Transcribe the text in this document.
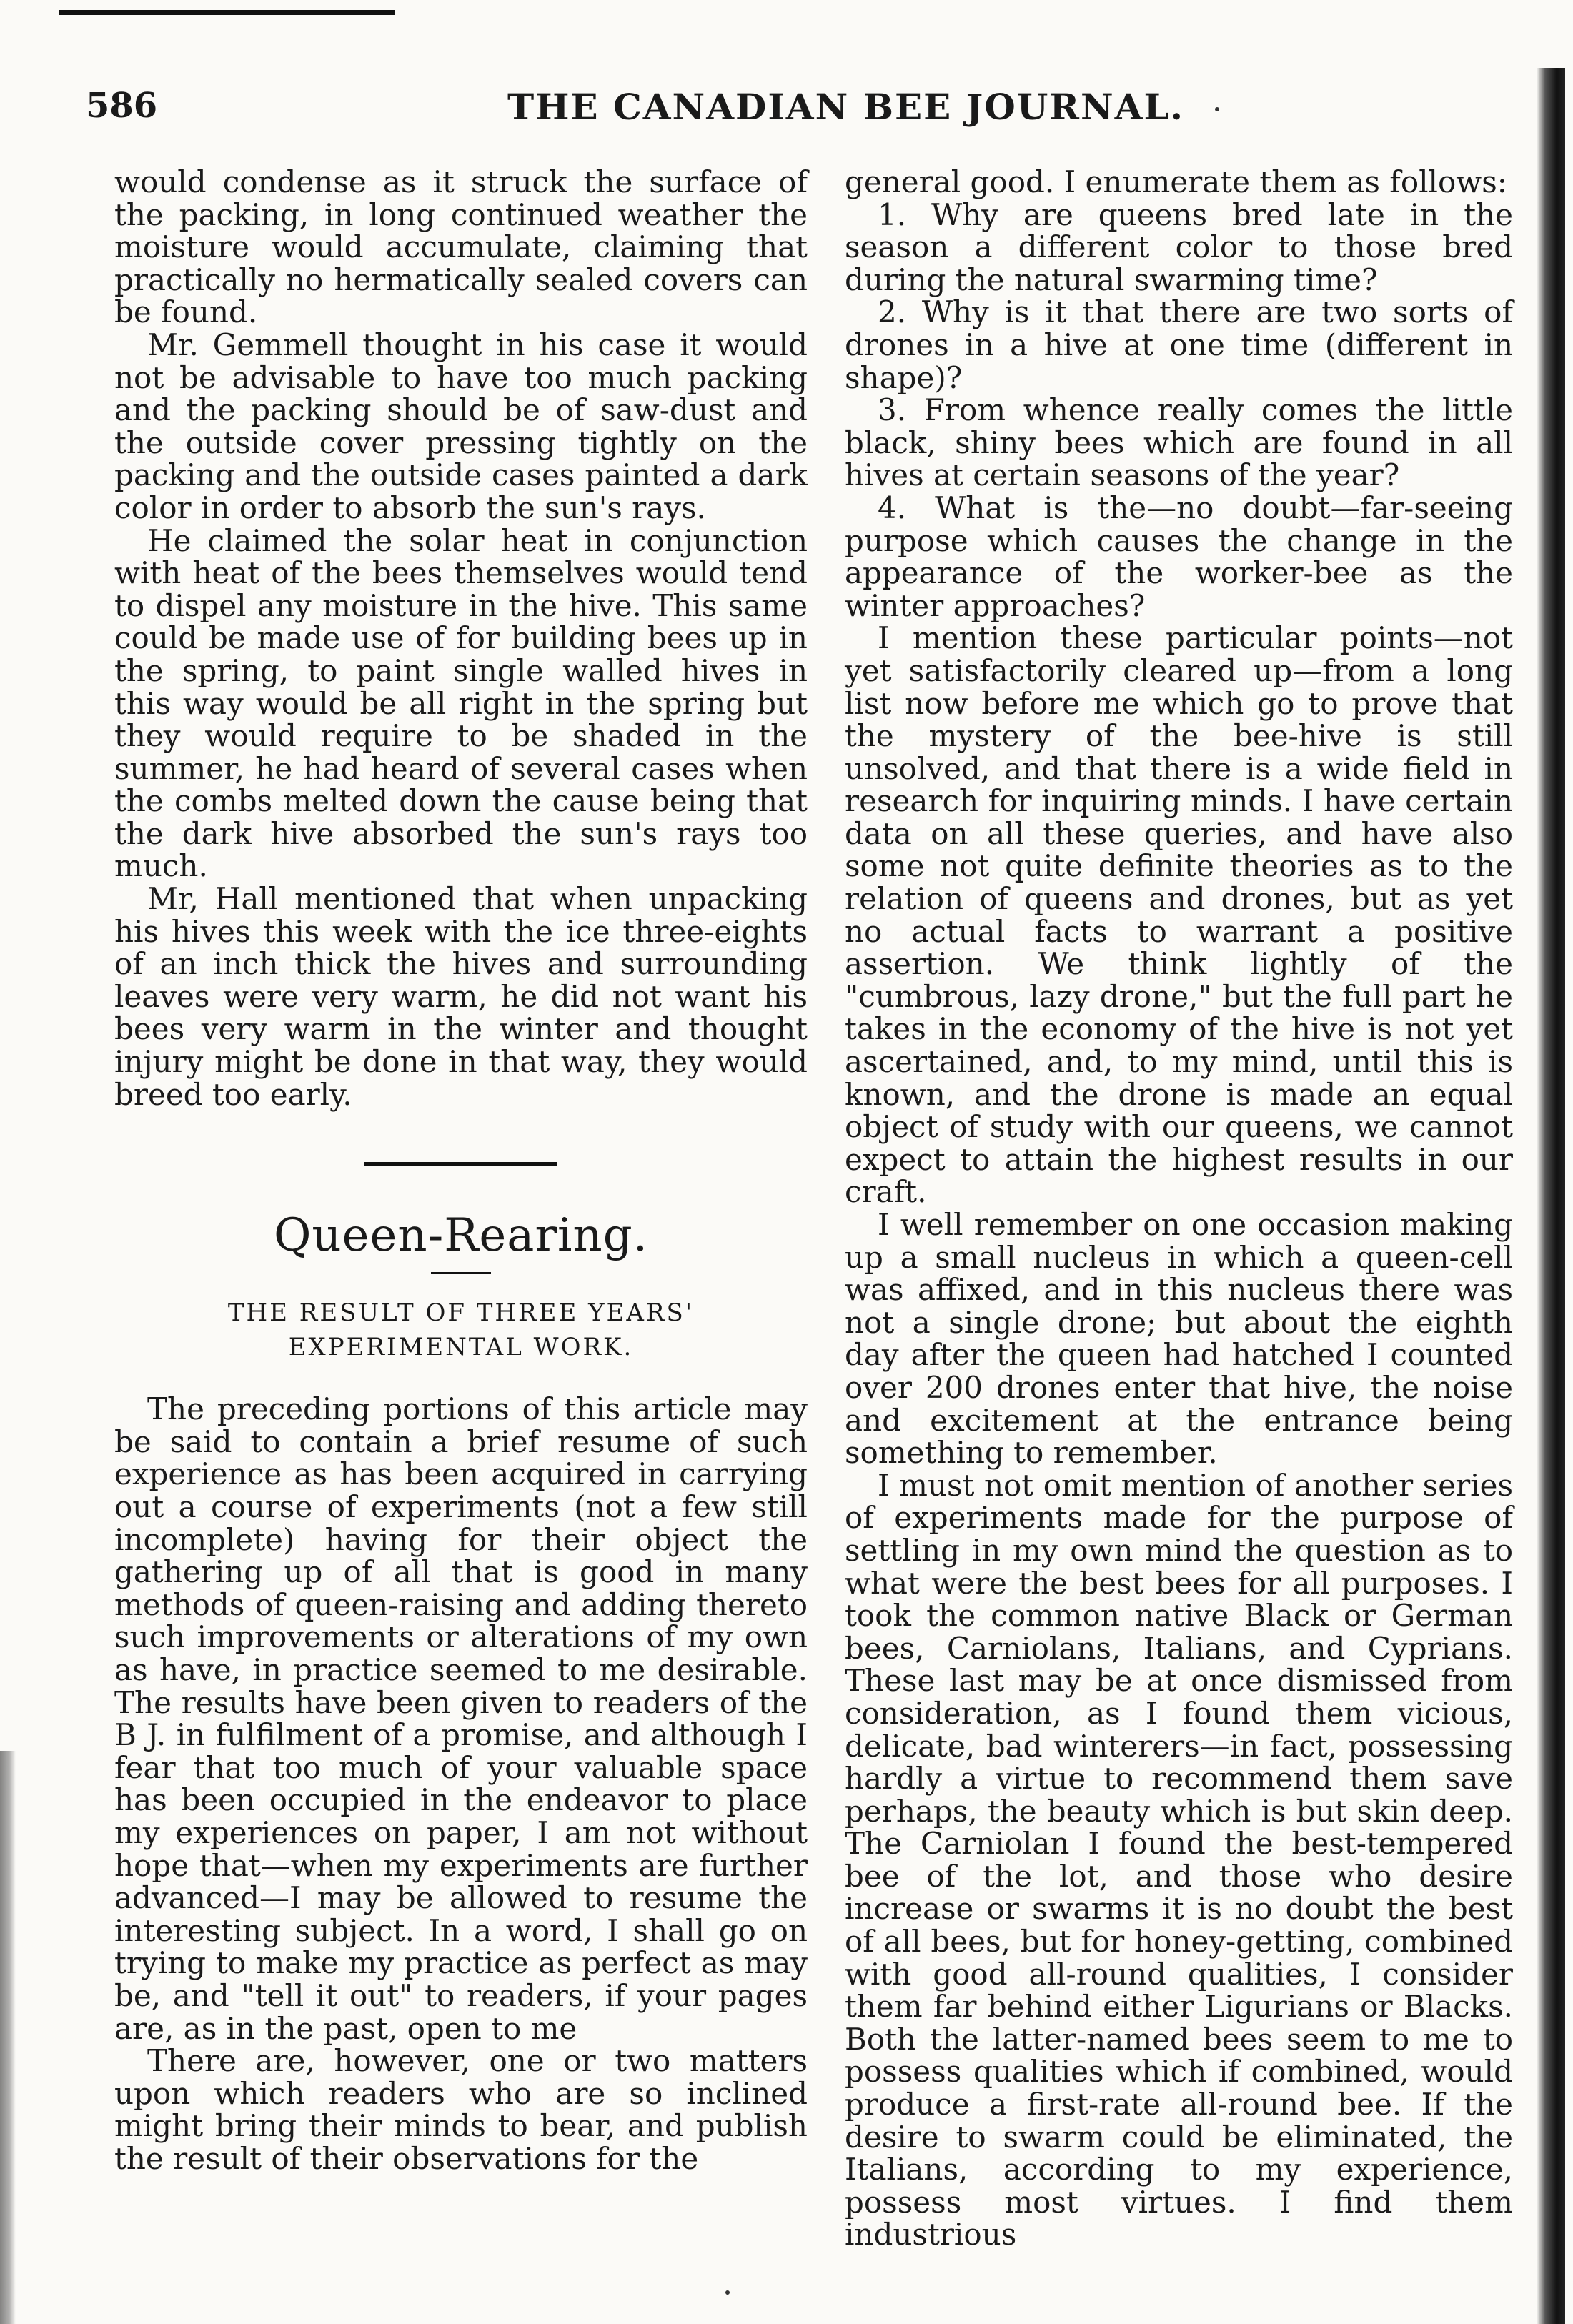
586	THE CANADIAN BEE JOURNAL.

would condense as it struck the surface of the packing, in long continued weather the moisture would accumulate, claiming that practically no hermatically sealed covers can be found.

Mr. Gemmell thought in his case it would not be advisable to have too much packing and the packing should be of saw-dust and the outside cover pressing tightly on the packing and the outside cases painted a dark color in order to absorb the sun's rays.

He claimed the solar heat in conjunction with heat of the bees themselves would tend to dispel any moisture in the hive. This same could be made use of for building bees up in the spring, to paint single walled hives in this way would be all right in the spring but they would require to be shaded in the summer, he had heard of several cases when the combs melted down the cause being that the dark hive absorbed the sun's rays too much.

Mr, Hall mentioned that when unpacking his hives this week with the ice three-eights of an inch thick the hives and surrounding leaves were very warm, he did not want his bees very warm in the winter and thought injury might be done in that way, they would breed too early.

Queen-Rearing.
THE RESULT OF THREE YEARS' EXPERIMENTAL WORK.

The preceding portions of this article may be said to contain a brief resume of such experience as has been acquired in carrying out a course of experiments (not a few still incomplete) having for their object the gathering up of all that is good in many methods of queen-raising and adding thereto such improvements or alterations of my own as have, in practice seemed to me desirable. The results have been given to readers of the B J. in fulfilment of a promise, and although I fear that too much of your valuable space has been occupied in the endeavor to place my experiences on paper, I am not without hope that—when my experiments are further advanced—I may be allowed to resume the interesting subject. In a word, I shall go on trying to make my practice as perfect as may be, and "tell it out" to readers, if your pages are, as in the past, open to me

There are, however, one or two matters upon which readers who are so inclined might bring their minds to bear, and publish the result of their observations for the

general good. I enumerate them as follows:

1. Why are queens bred late in the season a different color to those bred during the natural swarming time?

2. Why is it that there are two sorts of drones in a hive at one time (different in shape)?

3. From whence really comes the little black, shiny bees which are found in all hives at certain seasons of the year?

4. What is the—no doubt—far-seeing purpose which causes the change in the appearance of the worker-bee as the winter approaches?

I mention these particular points—not yet satisfactorily cleared up—from a long list now before me which go to prove that the mystery of the bee-hive is still unsolved, and that there is a wide field in research for inquiring minds. I have certain data on all these queries, and have also some not quite definite theories as to the relation of queens and drones, but as yet no actual facts to warrant a positive assertion. We think lightly of the "cumbrous, lazy drone," but the full part he takes in the economy of the hive is not yet ascertained, and, to my mind, until this is known, and the drone is made an equal object of study with our queens, we cannot expect to attain the highest results in our craft.

I well remember on one occasion making up a small nucleus in which a queen-cell was affixed, and in this nucleus there was not a single drone; but about the eighth day after the queen had hatched I counted over 200 drones enter that hive, the noise and excitement at the entrance being something to remember.

I must not omit mention of another series of experiments made for the purpose of settling in my own mind the question as to what were the best bees for all purposes. I took the common native Black or German bees, Carniolans, Italians, and Cyprians. These last may be at once dismissed from consideration, as I found them vicious, delicate, bad winterers—in fact, possessing hardly a virtue to recommend them save perhaps, the beauty which is but skin deep. The Carniolan I found the best-tempered bee of the lot, and those who desire increase or swarms it is no doubt the best of all bees, but for honey-getting, combined with good all-round qualities, I consider them far behind either Ligurians or Blacks. Both the latter-named bees seem to me to possess qualities which if combined, would produce a first-rate all-round bee. If the desire to swarm could be eliminated, the Italians, according to my experience, possess most virtues. I find them industrious
